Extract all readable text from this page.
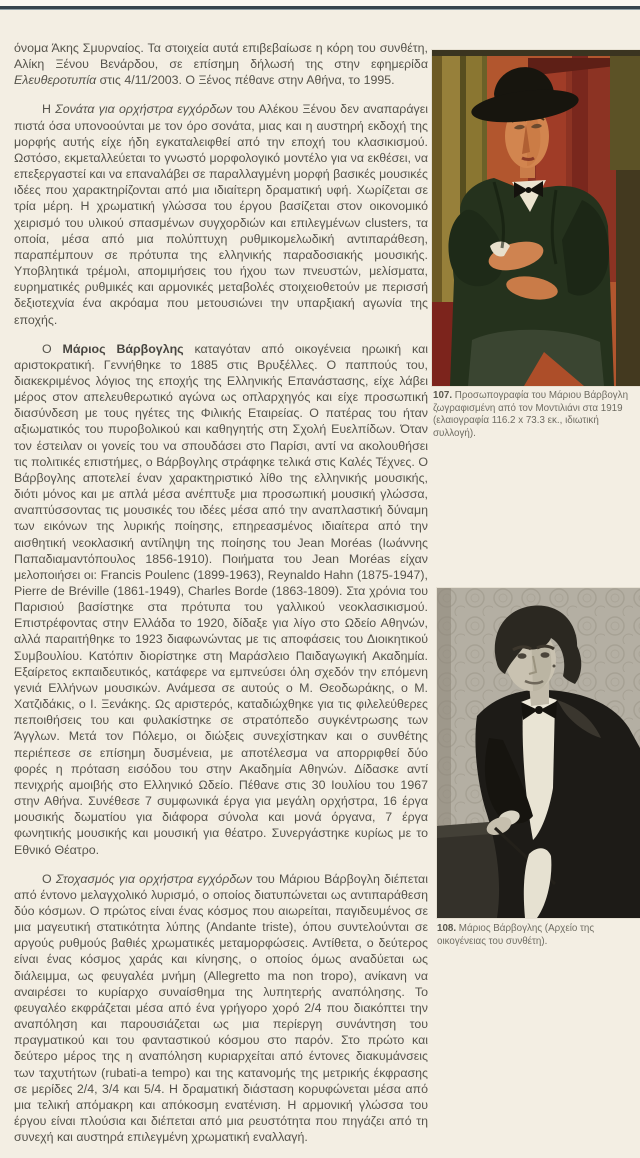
όνομα Άκης Σμυρναίος. Τα στοιχεία αυτά επιβεβαίωσε η κόρη του συνθέτη, Αλίκη Ξένου Βενάρδου, σε επίσημη δήλωσή της στην εφημερίδα Ελευθεροτυπία στις 4/11/2003. Ο Ξένος πέθανε στην Αθήνα, το 1995.

Η Σονάτα για ορχήστρα εγχόρδων του Αλέκου Ξένου δεν αναπαράγει πιστά όσα υπονοούνται με τον όρο σονάτα, μιας και η αυστηρή εκδοχή της μορφής αυτής είχε ήδη εγκαταλειφθεί από την εποχή του κλασικισμού. Ωστόσο, εκμεταλλεύεται το γνωστό μορφολογικό μοντέλο για να εκθέσει, να επεξεργαστεί και να επαναλάβει σε παραλλαγμένη μορφή βασικές μουσικές ιδέες που χαρακτηρίζονται από μια ιδιαίτερη δραματική υφή. Χωρίζεται σε τρία μέρη. Η χρωματική γλώσσα του έργου βασίζεται στον οικονομικό χειρισμό του υλικού σπασμένων συγχορδιών και επιλεγμένων clusters, τα οποία, μέσα από μια πολύπτυχη ρυθμικομελωδική αντιπαράθεση, παραπέμπουν σε πρότυπα της ελληνικής παραδοσιακής μουσικής. Υποβλητικά τρέμολι, απομιμήσεις του ήχου των πνευστών, μελίσματα, ευρηματικές ρυθμικές και αρμονικές μεταβολές στοιχειοθετούν με περισσή δεξιοτεχνία ένα ακρόαμα που μετουσιώνει την υπαρξιακή αγωνία της εποχής.

Ο Μάριος Βάρβογλης καταγόταν από οικογένεια ηρωική και αριστοκρατική. Γεννήθηκε το 1885 στις Βρυξέλλες. Ο παππούς του, διακεκριμένος λόγιος της εποχής της Ελληνικής Επανάστασης, είχε λάβει μέρος στον απελευθερωτικό αγώνα ως οπλαρχηγός και είχε προσωπική διασύνδεση με τους ηγέτες της Φιλικής Εταιρείας. Ο πατέρας του ήταν αξιωματικός του πυροβολικού και καθηγητής στη Σχολή Ευελπίδων. Όταν τον έστειλαν οι γονείς του να σπουδάσει στο Παρίσι, αντί να ακολουθήσει τις πολιτικές επιστήμες, ο Βάρβογλης στράφηκε τελικά στις Καλές Τέχνες. Ο Βάρβογλης αποτελεί έναν χαρακτηριστικό λίθο της ελληνικής μουσικής, διότι μόνος και με απλά μέσα ανέπτυξε μια προσωπική μουσική γλώσσα, αναπτύσσοντας τις μουσικές του ιδέες μέσα από την αναπλαστική δύναμη των εικόνων της λυρικής ποίησης, επηρεασμένος ιδιαίτερα από την αισθητική νεοκλασική αντίληψη της ποίησης του Jean Moréas (Ιωάννης Παπαδιαμαντόπουλος 1856-1910). Ποιήματα του Jean Moréas είχαν μελοποιήσει οι: Francis Poulenc (1899-1963), Reynaldo Hahn (1875-1947), Pierre de Bréville (1861-1949), Charles Borde (1863-1809). Στα χρόνια του Παρισιού βασίστηκε στα πρότυπα του γαλλικού νεοκλασικισμού. Επιστρέφοντας στην Ελλάδα το 1920, δίδαξε για λίγο στο Ωδείο Αθηνών, αλλά παραιτήθηκε το 1923 διαφωνώντας με τις αποφάσεις του Διοικητικού Συμβουλίου. Κατόπιν διορίστηκε στη Μαράσλειο Παιδαγωγική Ακαδημία. Εξαίρετος εκπαιδευτικός, κατάφερε να εμπνεύσει όλη σχεδόν την επόμενη γενιά Ελλήνων μουσικών. Ανάμεσα σε αυτούς ο Μ. Θεοδωράκης, ο Μ. Χατζιδάκις, ο Ι. Ξενάκης. Ως αριστερός, καταδιώχθηκε για τις φιλελεύθερες πεποιθήσεις του και φυλακίστηκε σε στρατόπεδο συγκέντρωσης των Άγγλων. Μετά τον Πόλεμο, οι διώξεις συνεχίστηκαν και ο συνθέτης περιέπεσε σε επίσημη δυσμένεια, με αποτέλεσμα να απορριφθεί δύο φορές η πρόταση εισόδου του στην Ακαδημία Αθηνών. Δίδασκε αντί πενιχρής αμοιβής στο Ελληνικό Ωδείο. Πέθανε στις 30 Ιουλίου του 1967 στην Αθήνα. Συνέθεσε 7 συμφωνικά έργα για μεγάλη ορχήστρα, 16 έργα μουσικής δωματίου για διάφορα σύνολα και μονά όργανα, 7 έργα φωνητικής μουσικής και μουσική για θέατρο. Συνεργάστηκε κυρίως με το Εθνικό Θέατρο.

Ο Στοχασμός για ορχήστρα εγχόρδων του Μάριου Βάρβογλη διέπεται από έντονο μελαγχολικό λυρισμό, ο οποίος διατυπώνεται ως αντιπαράθεση δύο κόσμων. Ο πρώτος είναι ένας κόσμος που αιωρείται, παγιδευμένος σε μια μαγευτική στατικότητα λύπης (Andante triste), όπου συντελούνται σε αργούς ρυθμούς βαθιές χρωματικές μεταμορφώσεις. Αντίθετα, ο δεύτερος είναι ένας κόσμος χαράς και κίνησης, ο οποίος όμως αναδύεται ως διάλειμμα, ως φευγαλέα μνήμη (Allegretto ma non tropo), ανίκανη να αναιρέσει το κυρίαρχο συναίσθημα της λυπητερής αναπόλησης. Το φευγαλέο εκφράζεται μέσα από ένα γρήγορο χορό 2/4 που διακόπτει την αναπόληση και παρουσιάζεται ως μια περίεργη συνάντηση του πραγματικού και του φανταστικού κόσμου στο παρόν. Στο πρώτο και δεύτερο μέρος της η αναπόληση κυριαρχείται από έντονες διακυμάνσεις των ταχυτήτων (rubati-a tempo) και της κατανομής της μετρικής έκφρασης σε μερίδες 2/4, 3/4 και 5/4. Η δραματική διάσταση κορυφώνεται μέσα από μια τελική απόμακρη και απόκοσμη ενατένιση. Η αρμονική γλώσσα του έργου είναι πλούσια και διέπεται από μια ρευστότητα που πηγάζει από τη συνεχή και αυστηρά επιλεγμένη χρωματική εναλλαγή.

107. Προσωπογραφία του Μάριου Βάρβογλη ζωγραφισμένη από τον Μοντιλιάνι στα 1919 (ελαιογραφία 116.2 x 73.3 εκ., ιδιωτική συλλογή).
108. Μάριος Βάρβογλης (Αρχείο της οικογένειας του συνθέτη).
